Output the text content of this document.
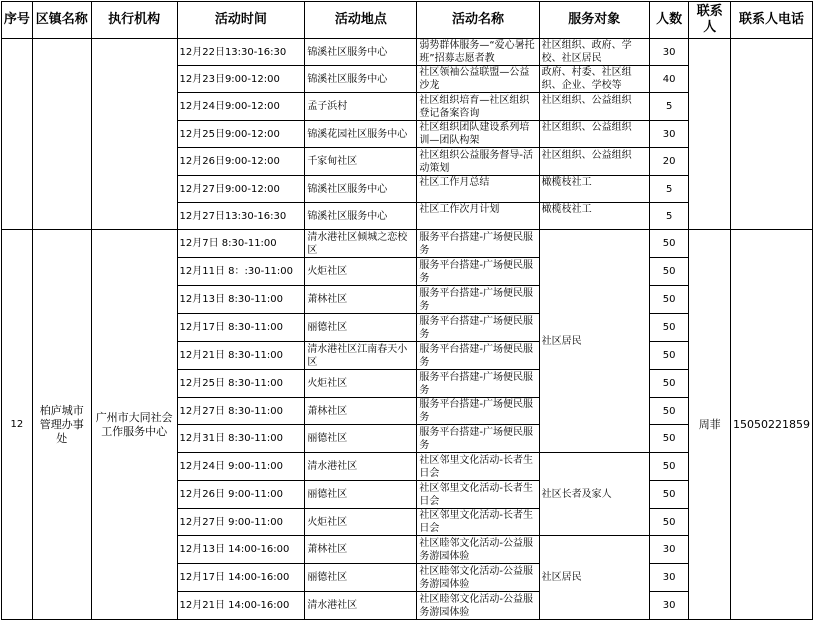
序号	区镇名称	执行机构	活动时间	活动地点	活动名称	服务对象	人数	联系人	联系人电话
			12月22日13:30-16:30	锦溪社区服务中心	弱势群体服务—“爱心暑托班”招募志愿者教	社区组织、政府、学校、社区居民	30		
			12月23日9:00-12:00	锦溪社区服务中心	社区领袖公益联盟—公益沙龙	政府、村委、社区组织、企业、学校等	40		
			12月24日9:00-12:00	孟子浜村	社区组织培育—社区组织登记备案咨询	社区组织、公益组织	5		
			12月25日9:00-12:00	锦溪花园社区服务中心	社区组织团队建设系列培训—团队构架	社区组织、公益组织	30		
			12月26日9:00-12:00	千家甸社区	社区组织公益服务督导-活动策划	社区组织、公益组织	20		
			12月27日9:00-12:00	锦溪社区服务中心	社区工作月总结	橄榄枝社工	5		
			12月27日13:30-16:30	锦溪社区服务中心	社区工作次月计划	橄榄枝社工	5		
12	柏庐城市管理办事处	广州市大同社会工作服务中心	12月7日 8:30-11:00	清水港社区倾城之恋校区	服务平台搭建-广场便民服务	社区居民	50	周菲	15050221859
			12月11日 8：:30-11:00	火炬社区	服务平台搭建-广场便民服务		50		
			12月13日 8:30-11:00	萧林社区	服务平台搭建-广场便民服务		50		
			12月17日 8:30-11:00	丽德社区	服务平台搭建-广场便民服务		50		
			12月21日 8:30-11:00	清水港社区江南春天小区	服务平台搭建-广场便民服务		50		
			12月25日 8:30-11:00	火炬社区	服务平台搭建-广场便民服务		50		
			12月27日 8:30-11:00	萧林社区	服务平台搭建-广场便民服务		50		
			12月31日 8:30-11:00	丽德社区	服务平台搭建-广场便民服务		50		
			12月24日 9:00-11:00	清水港社区	社区邻里文化活动-长者生日会	社区长者及家人	50		
			12月26日 9:00-11:00	丽德社区	社区邻里文化活动-长者生日会		50		
			12月27日 9:00-11:00	火炬社区	社区邻里文化活动-长者生日会		50		
			12月13日 14:00-16:00	萧林社区	社区睦邻文化活动-公益服务游园体验	社区居民	30		
			12月17日 14:00-16:00	丽德社区	社区睦邻文化活动-公益服务游园体验		30		
			12月21日 14:00-16:00	清水港社区	社区睦邻文化活动-公益服务游园体验		30		
